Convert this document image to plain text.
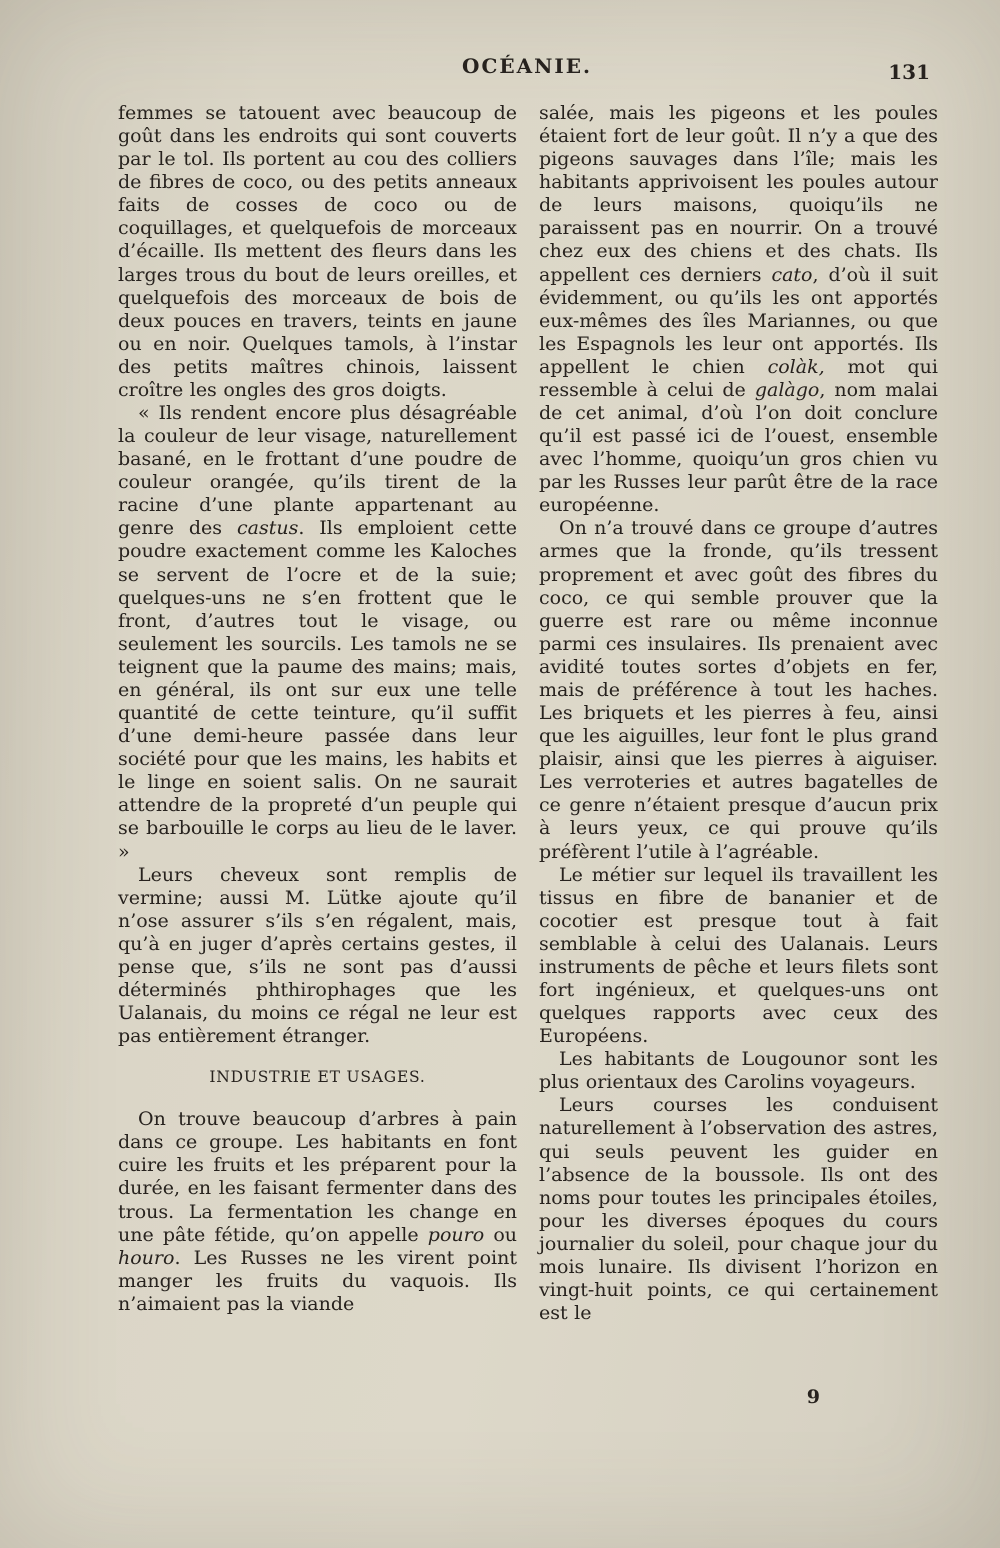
OCÉANIE.	131

femmes se tatouent avec beaucoup de goût dans les endroits qui sont couverts par le tol. Ils portent au cou des colliers de fibres de coco, ou des petits anneaux faits de cosses de coco ou de coquillages, et quelquefois de morceaux d’écaille. Ils mettent des fleurs dans les larges trous du bout de leurs oreilles, et quelquefois des morceaux de bois de deux pouces en travers, teints en jaune ou en noir. Quelques tamols, à l’instar des petits maîtres chinois, laissent croître les ongles des gros doigts.

« Ils rendent encore plus désagréable la couleur de leur visage, naturellement basané, en le frottant d’une poudre de couleur orangée, qu’ils tirent de la racine d’une plante appartenant au genre des castus. Ils emploient cette poudre exactement comme les Kaloches se servent de l’ocre et de la suie; quelques-uns ne s’en frottent que le front, d’autres tout le visage, ou seulement les sourcils. Les tamols ne se teignent que la paume des mains; mais, en général, ils ont sur eux une telle quantité de cette teinture, qu’il suffit d’une demi-heure passée dans leur société pour que les mains, les habits et le linge en soient salis. On ne saurait attendre de la propreté d’un peuple qui se barbouille le corps au lieu de le laver. »

Leurs cheveux sont remplis de vermine; aussi M. Lütke ajoute qu’il n’ose assurer s’ils s’en régalent, mais, qu’à en juger d’après certains gestes, il pense que, s’ils ne sont pas d’aussi déterminés phthirophages que les Ualanais, du moins ce régal ne leur est pas entièrement étranger.

INDUSTRIE ET USAGES.

On trouve beaucoup d’arbres à pain dans ce groupe. Les habitants en font cuire les fruits et les préparent pour la durée, en les faisant fermenter dans des trous. La fermentation les change en une pâte fétide, qu’on appelle pouro ou houro. Les Russes ne les virent point manger les fruits du vaquois. Ils n’aimaient pas la viande

salée, mais les pigeons et les poules étaient fort de leur goût. Il n’y a que des pigeons sauvages dans l’île; mais les habitants apprivoisent les poules autour de leurs maisons, quoiqu’ils ne paraissent pas en nourrir. On a trouvé chez eux des chiens et des chats. Ils appellent ces derniers cato, d’où il suit évidemment, ou qu’ils les ont apportés eux-mêmes des îles Mariannes, ou que les Espagnols les leur ont apportés. Ils appellent le chien colàk, mot qui ressemble à celui de galàgo, nom malai de cet animal, d’où l’on doit conclure qu’il est passé ici de l’ouest, ensemble avec l’homme, quoiqu’un gros chien vu par les Russes leur parût être de la race européenne.

On n’a trouvé dans ce groupe d’autres armes que la fronde, qu’ils tressent proprement et avec goût des fibres du coco, ce qui semble prouver que la guerre est rare ou même inconnue parmi ces insulaires. Ils prenaient avec avidité toutes sortes d’objets en fer, mais de préférence à tout les haches. Les briquets et les pierres à feu, ainsi que les aiguilles, leur font le plus grand plaisir, ainsi que les pierres à aiguiser. Les verroteries et autres bagatelles de ce genre n’étaient presque d’aucun prix à leurs yeux, ce qui prouve qu’ils préfèrent l’utile à l’agréable.

Le métier sur lequel ils travaillent les tissus en fibre de bananier et de cocotier est presque tout à fait semblable à celui des Ualanais. Leurs instruments de pêche et leurs filets sont fort ingénieux, et quelques-uns ont quelques rapports avec ceux des Européens.

Les habitants de Lougounor sont les plus orientaux des Carolins voyageurs.

Leurs courses les conduisent naturellement à l’observation des astres, qui seuls peuvent les guider en l’absence de la boussole. Ils ont des noms pour toutes les principales étoiles, pour les diverses époques du cours journalier du soleil, pour chaque jour du mois lunaire. Ils divisent l’horizon en vingt-huit points, ce qui certainement est le

9
